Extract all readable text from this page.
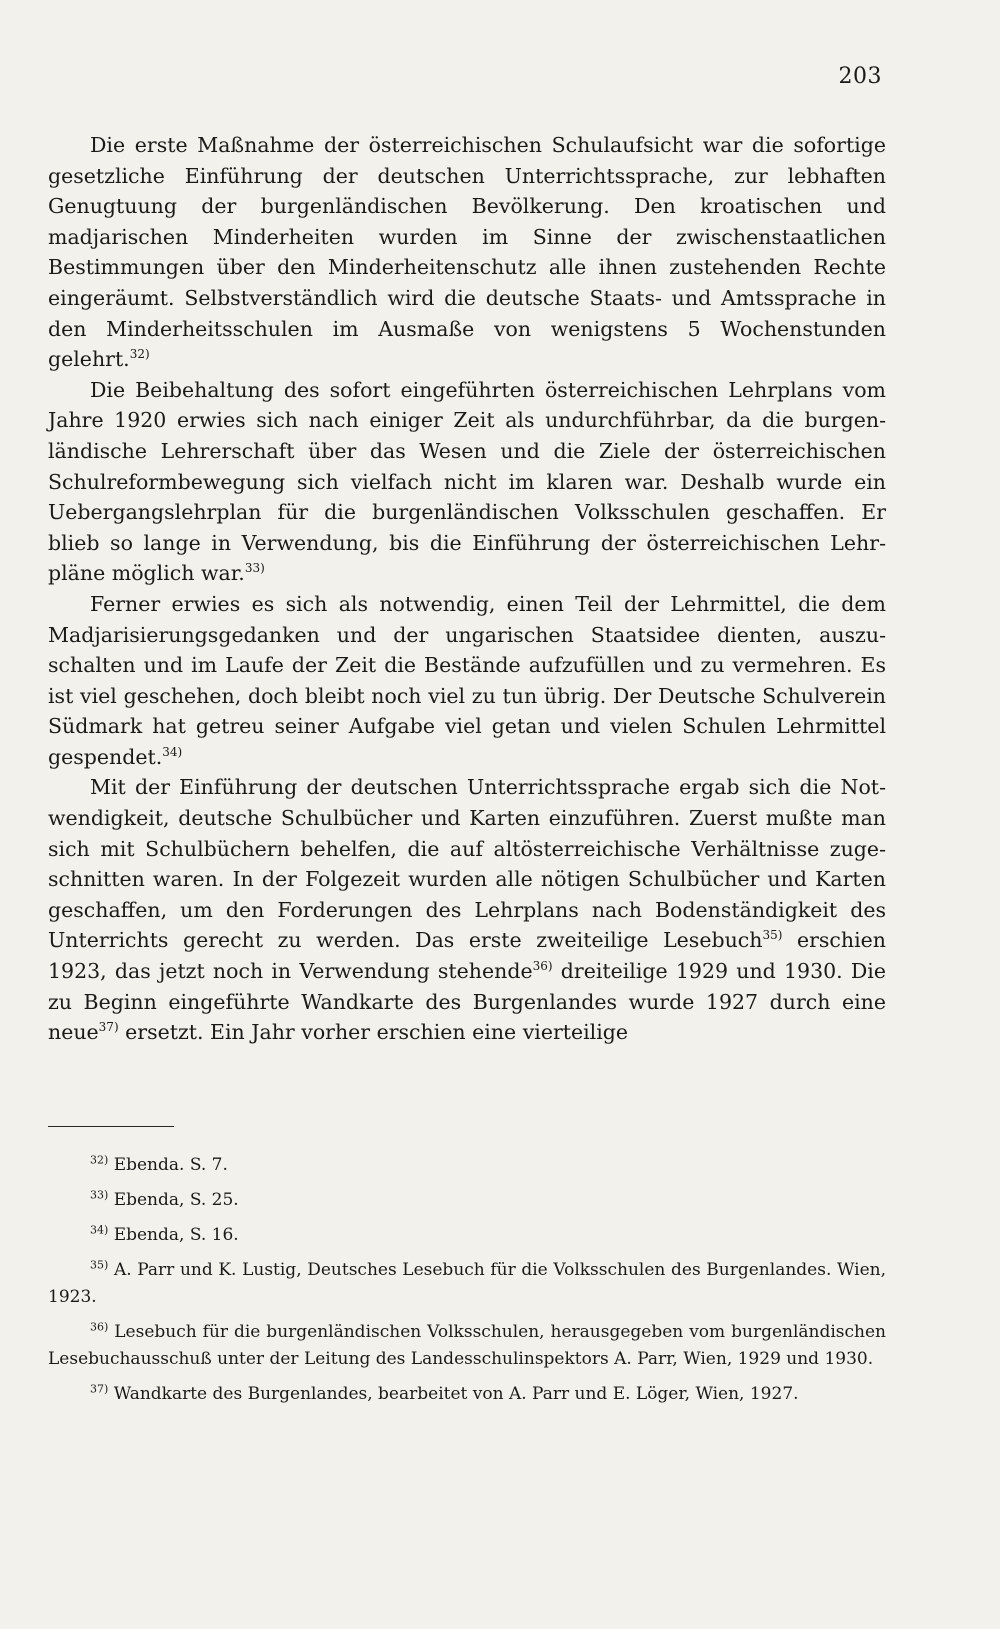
203

Die erste Maßnahme der österreichischen Schulaufsicht war die sofortige gesetzliche Einführung der deutschen Unterrichtssprache, zur lebhaften Genugtuung der burgenländischen Bevölkerung. Den kroatischen und madjarischen Minderheiten wurden im Sinne der zwischenstaatlichen Bestimmungen über den Minderheitenschutz alle ihnen zustehenden Rechte eingeräumt. Selbstverständlich wird die deutsche Staats- und Amtssprache in den Minderheitsschulen im Ausmaße von wenigstens 5 Wochenstunden gelehrt.$^{32)}$

Die Beibehaltung des sofort eingeführten österreichischen Lehrplans vom Jahre 1920 erwies sich nach einiger Zeit als undurchführbar, da die burgenländische Lehrerschaft über das Wesen und die Ziele der österreichischen Schulreformbewegung sich vielfach nicht im klaren war. Deshalb wurde ein Uebergangslehrplan für die burgenländischen Volksschulen geschaffen. Er blieb so lange in Verwendung, bis die Einführung der österreichischen Lehrpläne möglich war.$^{33)}$

Ferner erwies es sich als notwendig, einen Teil der Lehrmittel, die dem Madjarisierungsgedanken und der ungarischen Staatsidee dienten, auszuschalten und im Laufe der Zeit die Bestände aufzufüllen und zu vermehren. Es ist viel geschehen, doch bleibt noch viel zu tun übrig. Der Deutsche Schulverein Südmark hat getreu seiner Aufgabe viel getan und vielen Schulen Lehrmittel gespendet.$^{34)}$

Mit der Einführung der deutschen Unterrichtssprache ergab sich die Notwendigkeit, deutsche Schulbücher und Karten einzuführen. Zuerst mußte man sich mit Schulbüchern behelfen, die auf altösterreichische Verhältnisse zugeschnitten waren. In der Folgezeit wurden alle nötigen Schulbücher und Karten geschaffen, um den Forderungen des Lehrplans nach Bodenständigkeit des Unterrichts gerecht zu werden. Das erste zweiteilige Lesebuch$^{35)}$ erschien 1923, das jetzt noch in Verwendung stehende$^{36)}$ dreiteilige 1929 und 1930. Die zu Beginn eingeführte Wandkarte des Burgenlandes wurde 1927 durch eine neue$^{37)}$ ersetzt. Ein Jahr vorher erschien eine vierteilige

$^{32)}$ Ebenda. S. 7.

$^{33)}$ Ebenda, S. 25.

$^{34)}$ Ebenda, S. 16.

$^{35)}$ A. Parr und K. Lustig, Deutsches Lesebuch für die Volksschulen des Burgenlandes. Wien, 1923.

$^{36)}$ Lesebuch für die burgenländischen Volksschulen, herausgegeben vom burgenländischen Lesebuchausschuß unter der Leitung des Landesschulinspektors A. Parr, Wien, 1929 und 1930.

$^{37)}$ Wandkarte des Burgenlandes, bearbeitet von A. Parr und E. Löger, Wien, 1927.
